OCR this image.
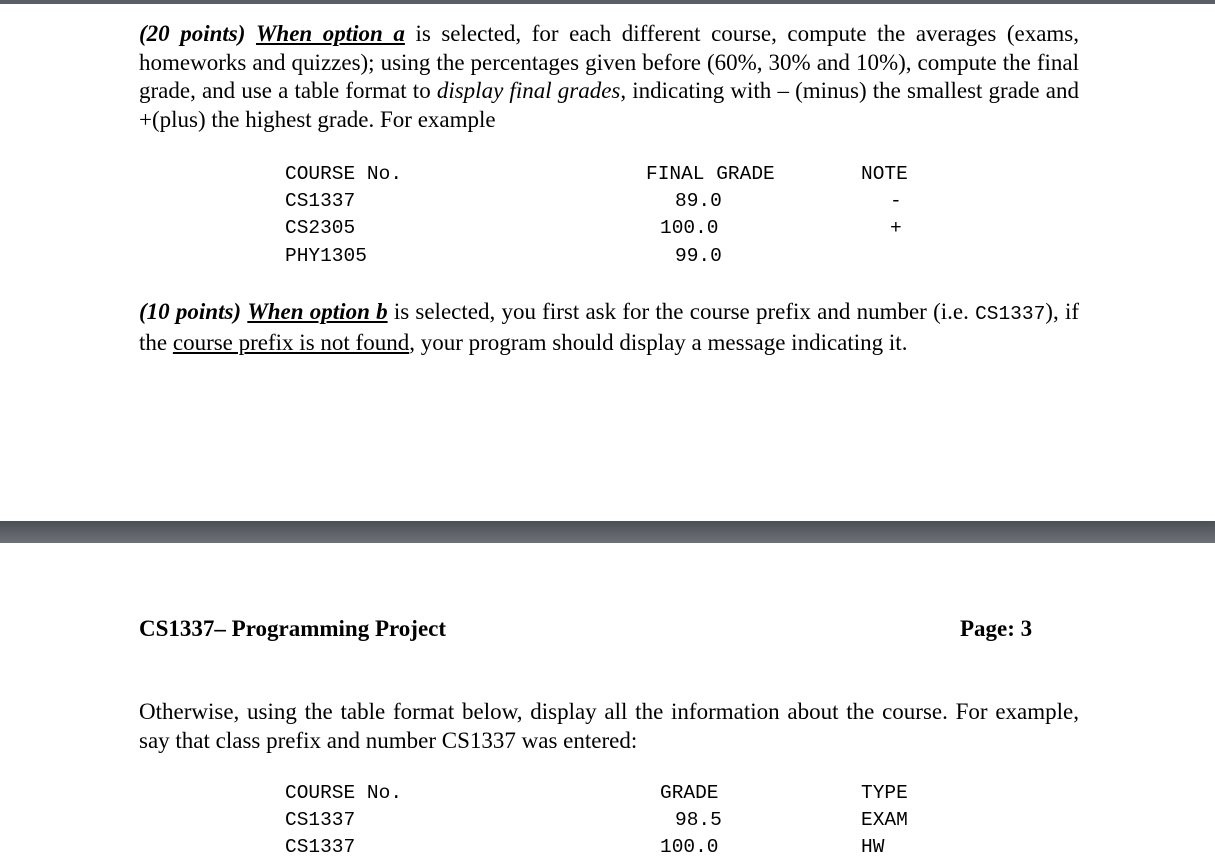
(20 points) When option a is selected, for each different course, compute the averages (exams, homeworks and quizzes); using the percentages given before (60%, 30% and 10%), compute the final grade, and use a table format to display final grades, indicating with – (minus) the smallest grade and +(plus) the highest grade. For example

COURSE No.	FINAL GRADE	NOTE
CS1337	89.0	-
CS2305	100.0	+
PHY1305	99.0

(10 points) When option b is selected, you first ask for the course prefix and number (i.e. CS1337), if the course prefix is not found, your program should display a message indicating it.

CS1337– Programming Project	Page: 3

Otherwise, using the table format below, display all the information about the course. For example, say that class prefix and number CS1337 was entered:

COURSE No.	GRADE	TYPE
CS1337	98.5	EXAM
CS1337	100.0	HW
